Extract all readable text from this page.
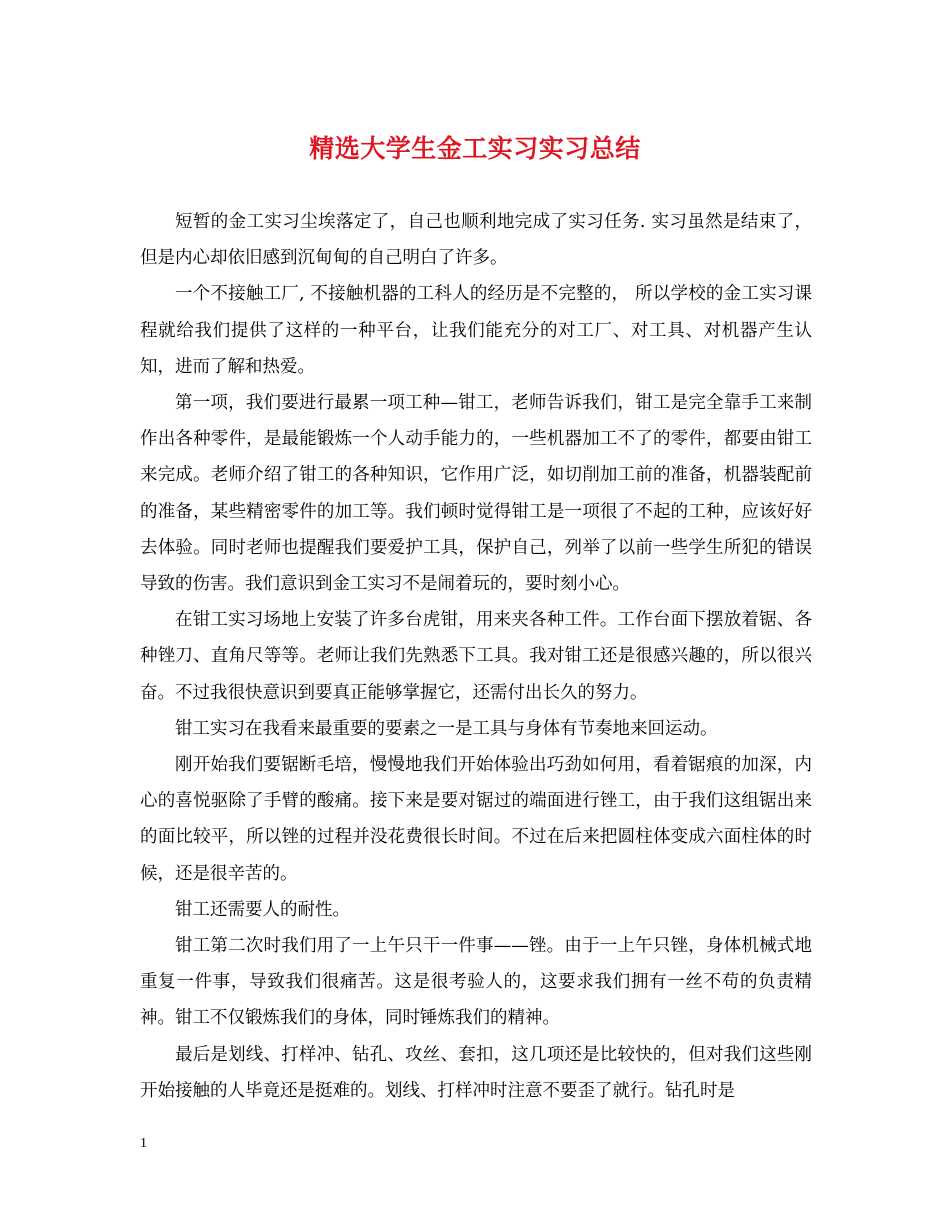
精选大学生金工实习实习总结

短暂的金工实习尘埃落定了，自己也顺利地完成了实习任务. 实习虽然是结束了，但是内心却依旧感到沉甸甸的自己明白了许多。

一个不接触工厂, 不接触机器的工科人的经历是不完整的， 所以学校的金工实习课程就给我们提供了这样的一种平台，让我们能充分的对工厂、对工具、对机器产生认知，进而了解和热爱。

第一项，我们要进行最累一项工种—钳工，老师告诉我们，钳工是完全靠手工来制作出各种零件，是最能锻炼一个人动手能力的，一些机器加工不了的零件，都要由钳工来完成。老师介绍了钳工的各种知识，它作用广泛，如切削加工前的准备，机器装配前的准备，某些精密零件的加工等。我们顿时觉得钳工是一项很了不起的工种，应该好好去体验。同时老师也提醒我们要爱护工具，保护自己，列举了以前一些学生所犯的错误导致的伤害。我们意识到金工实习不是闹着玩的，要时刻小心。

在钳工实习场地上安装了许多台虎钳，用来夹各种工件。工作台面下摆放着锯、各种锉刀、直角尺等等。老师让我们先熟悉下工具。我对钳工还是很感兴趣的，所以很兴奋。不过我很快意识到要真正能够掌握它，还需付出长久的努力。

钳工实习在我看来最重要的要素之一是工具与身体有节奏地来回运动。

刚开始我们要锯断毛培，慢慢地我们开始体验出巧劲如何用，看着锯痕的加深，内心的喜悦驱除了手臂的酸痛。接下来是要对锯过的端面进行锉工，由于我们这组锯出来的面比较平，所以锉的过程并没花费很长时间。不过在后来把圆柱体变成六面柱体的时候，还是很辛苦的。

钳工还需要人的耐性。

钳工第二次时我们用了一上午只干一件事——锉。由于一上午只锉，身体机械式地重复一件事，导致我们很痛苦。这是很考验人的，这要求我们拥有一丝不苟的负责精神。钳工不仅锻炼我们的身体，同时锤炼我们的精神。

最后是划线、打样冲、钻孔、攻丝、套扣，这几项还是比较快的，但对我们这些刚开始接触的人毕竟还是挺难的。划线、打样冲时注意不要歪了就行。钻孔时是

1
